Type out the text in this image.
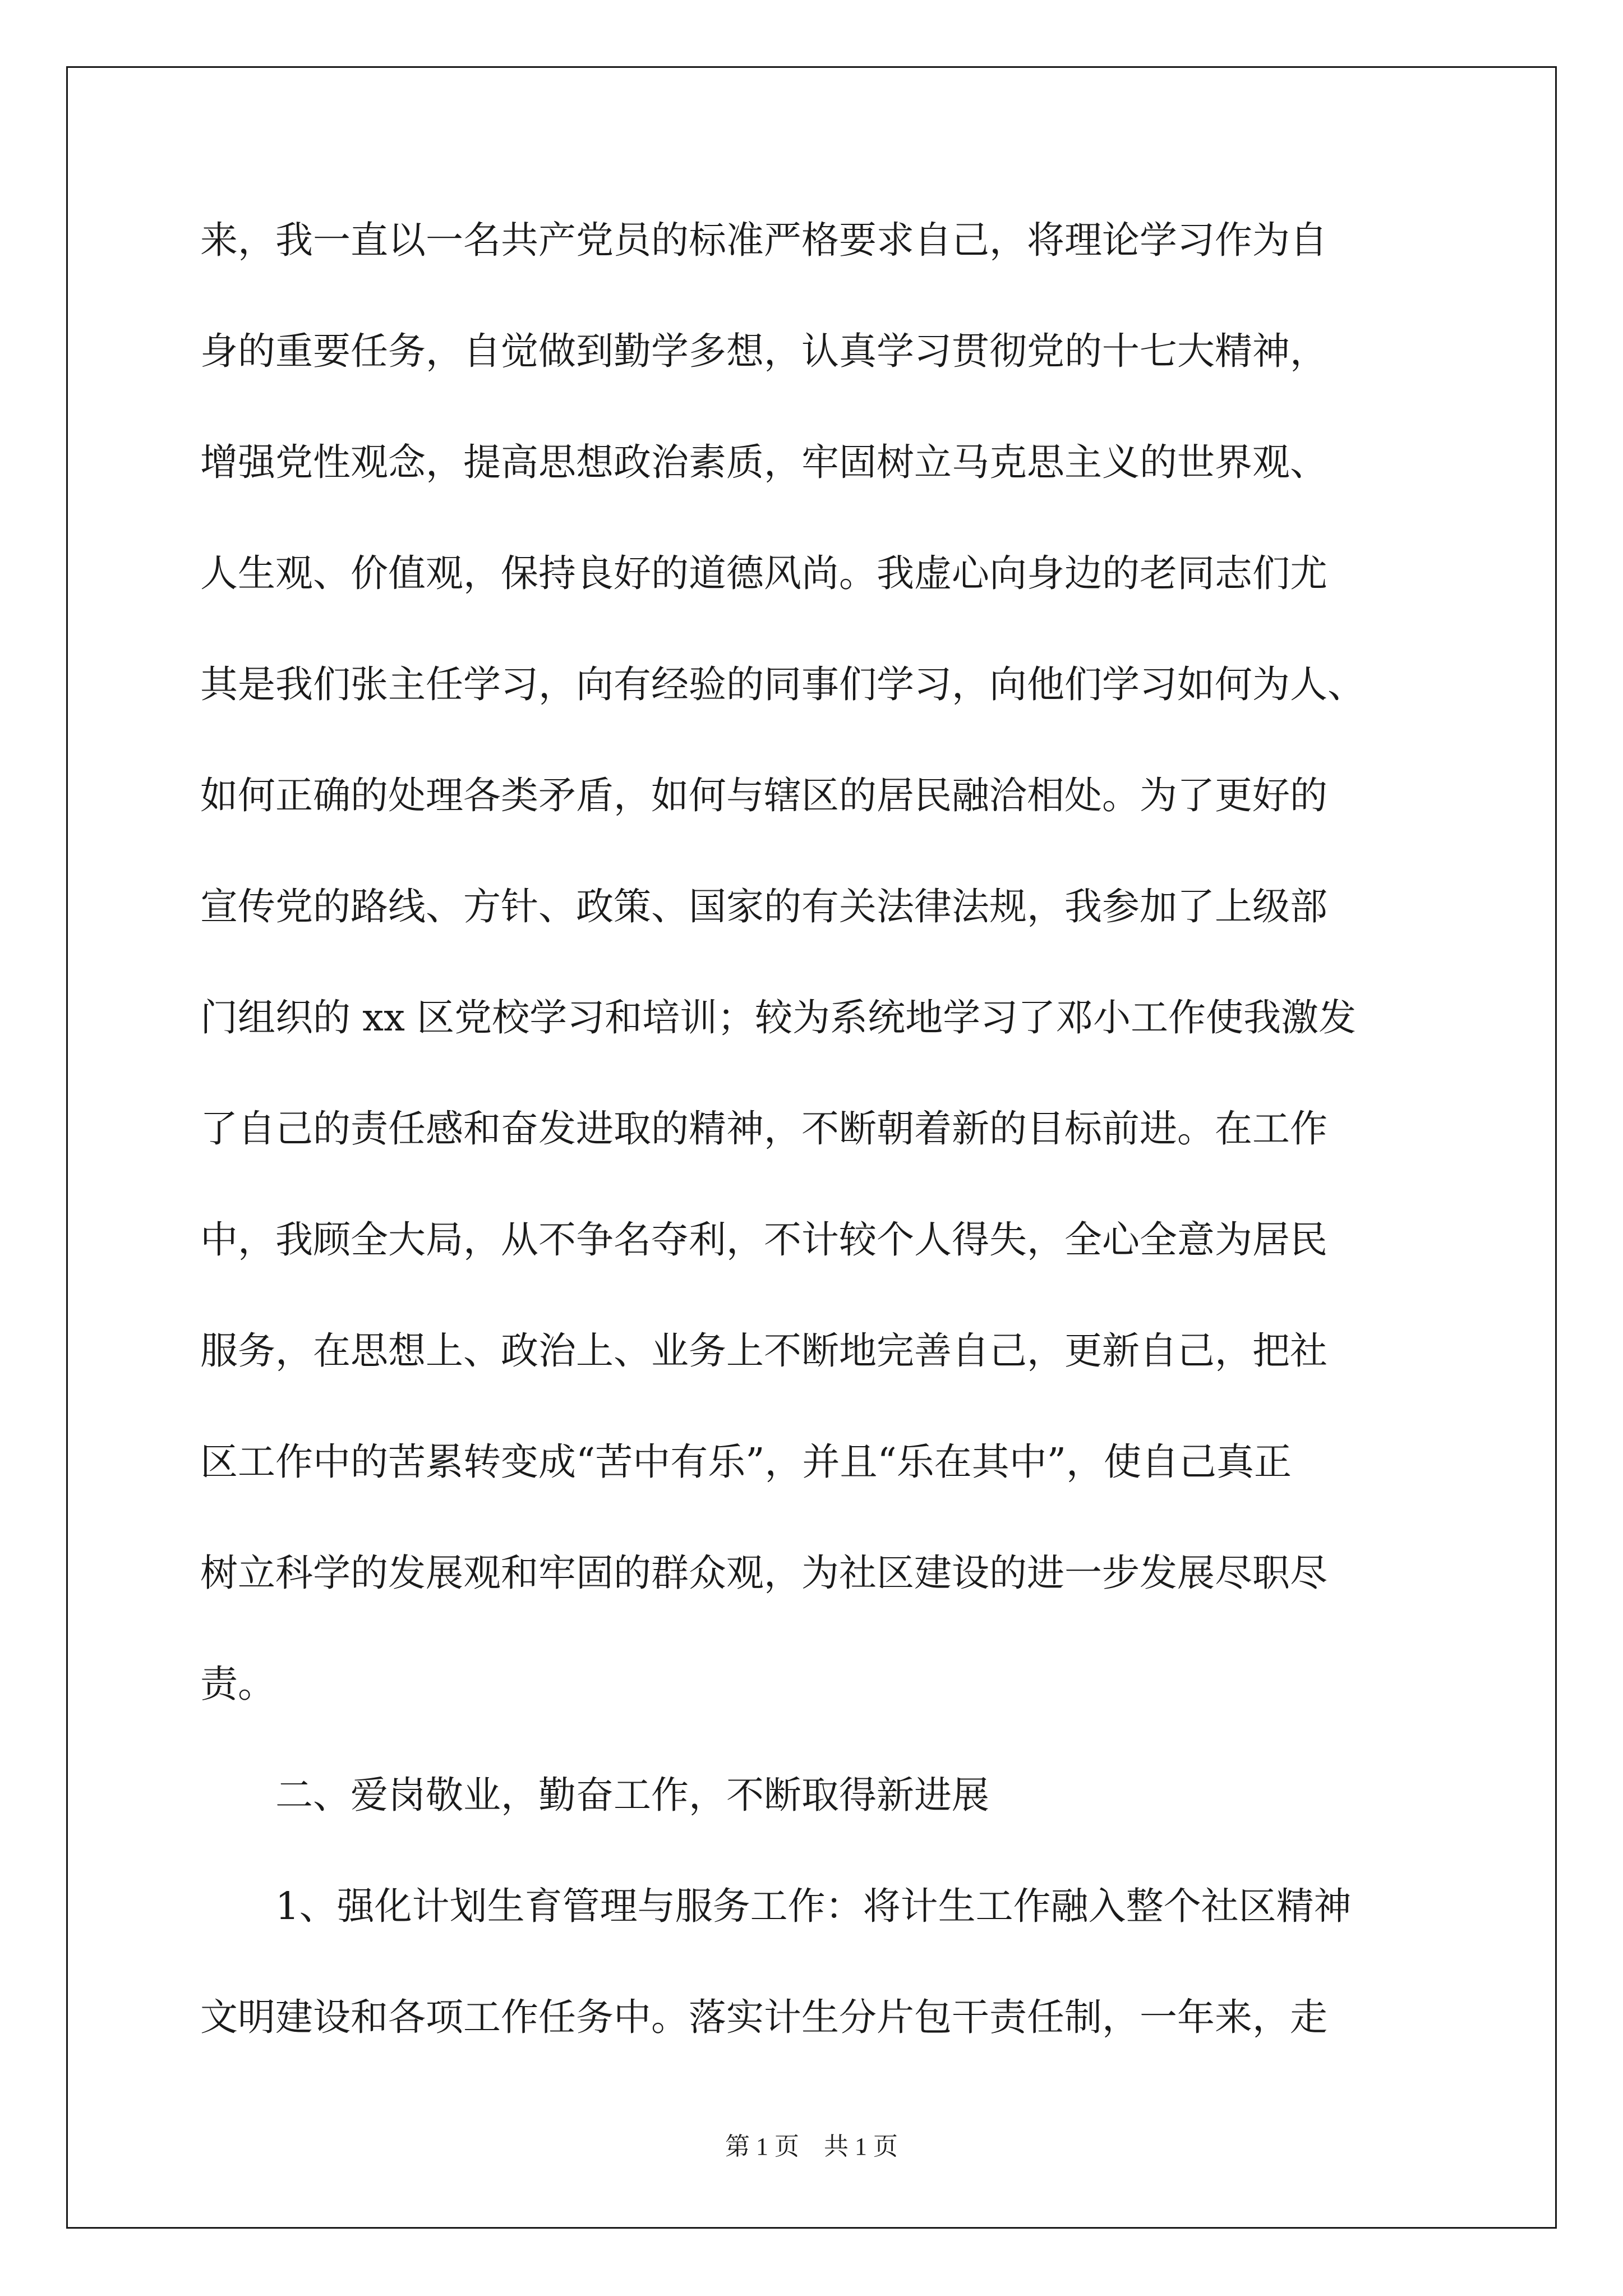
来，我一直以一名共产党员的标准严格要求自己，将理论学习作为自
身的重要任务，自觉做到勤学多想，认真学习贯彻党的十七大精神，
增强党性观念，提高思想政治素质，牢固树立马克思主义的世界观、
人生观、价值观，保持良好的道德风尚。我虚心向身边的老同志们尤
其是我们张主任学习，向有经验的同事们学习，向他们学习如何为人、
如何正确的处理各类矛盾，如何与辖区的居民融洽相处。为了更好的
宣传党的路线、方针、政策、国家的有关法律法规，我参加了上级部
门组织的 xx 区党校学习和培训；较为系统地学习了邓小工作使我激发
了自己的责任感和奋发进取的精神，不断朝着新的目标前进。在工作
中，我顾全大局，从不争名夺利，不计较个人得失，全心全意为居民
服务，在思想上、政治上、业务上不断地完善自己，更新自己，把社
区工作中的苦累转变成“苦中有乐”，并且“乐在其中”，使自己真正
树立科学的发展观和牢固的群众观，为社区建设的进一步发展尽职尽
责。
二、爱岗敬业，勤奋工作，不断取得新进展
1、强化计划生育管理与服务工作：将计生工作融入整个社区精神
文明建设和各项工作任务中。落实计生分片包干责任制，一年来，走
第 1 页　共 1 页
